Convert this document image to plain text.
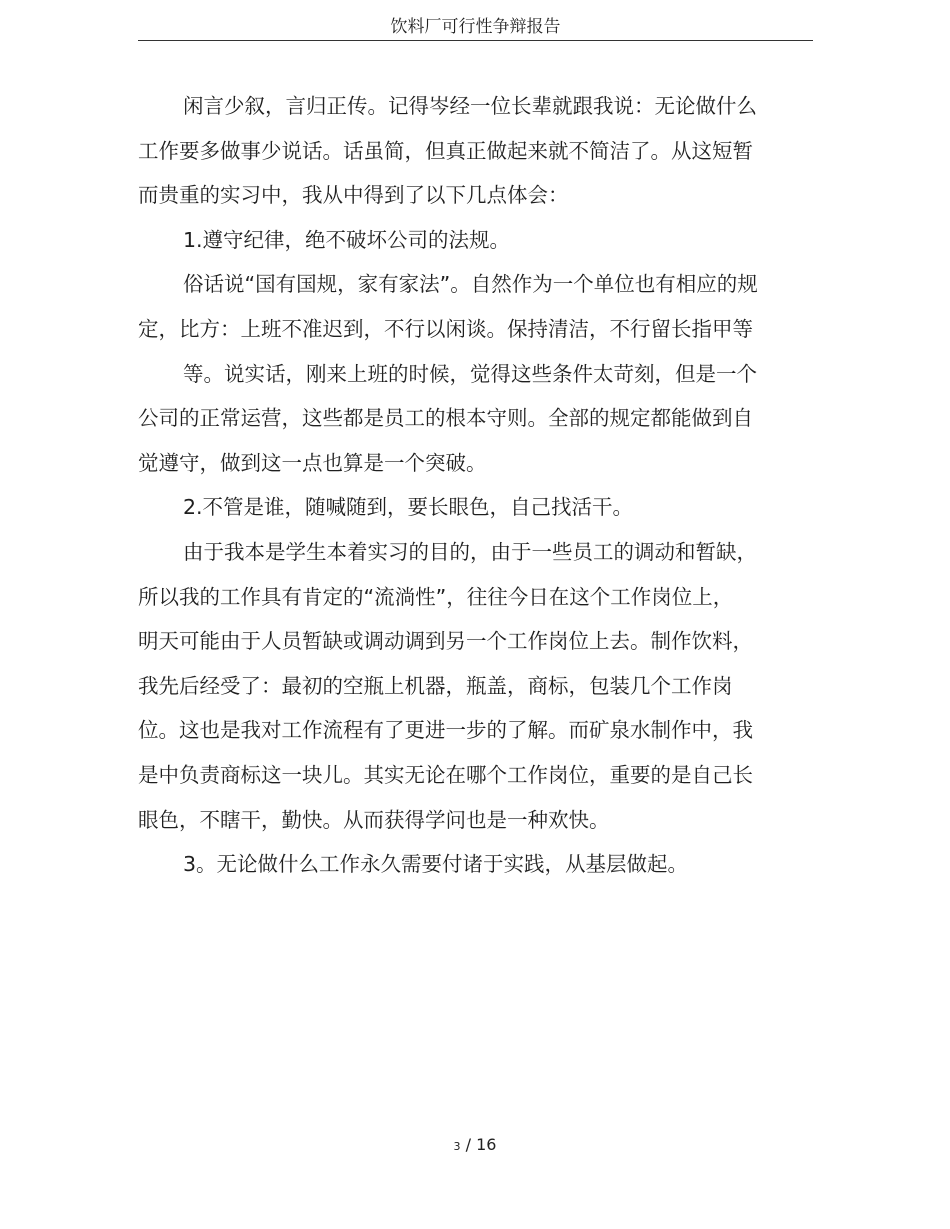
饮料厂可行性争辩报告
闲言少叙，言归正传。记得岑经一位长辈就跟我说：无论做什么
工作要多做事少说话。话虽简，但真正做起来就不简洁了。从这短暂
而贵重的实习中，我从中得到了以下几点体会：
1.遵守纪律，绝不破坏公司的法规。
俗话说“国有国规，家有家法”。自然作为一个单位也有相应的规
定，比方：上班不准迟到，不行以闲谈。保持清洁，不行留长指甲等
等。说实话，刚来上班的时候，觉得这些条件太苛刻，但是一个
公司的正常运营，这些都是员工的根本守则。全部的规定都能做到自
觉遵守，做到这一点也算是一个突破。
2.不管是谁，随喊随到，要长眼色，自己找活干。
由于我本是学生本着实习的目的，由于一些员工的调动和暂缺，
所以我的工作具有肯定的“流淌性”，往往今日在这个工作岗位上，
明天可能由于人员暂缺或调动调到另一个工作岗位上去。制作饮料，
我先后经受了：最初的空瓶上机器，瓶盖，商标，包装几个工作岗
位。这也是我对工作流程有了更进一步的了解。而矿泉水制作中，我
是中负责商标这一块儿。其实无论在哪个工作岗位，重要的是自己长
眼色，不瞎干，勤快。从而获得学问也是一种欢快。
3。无论做什么工作永久需要付诸于实践，从基层做起。
3 / 16
